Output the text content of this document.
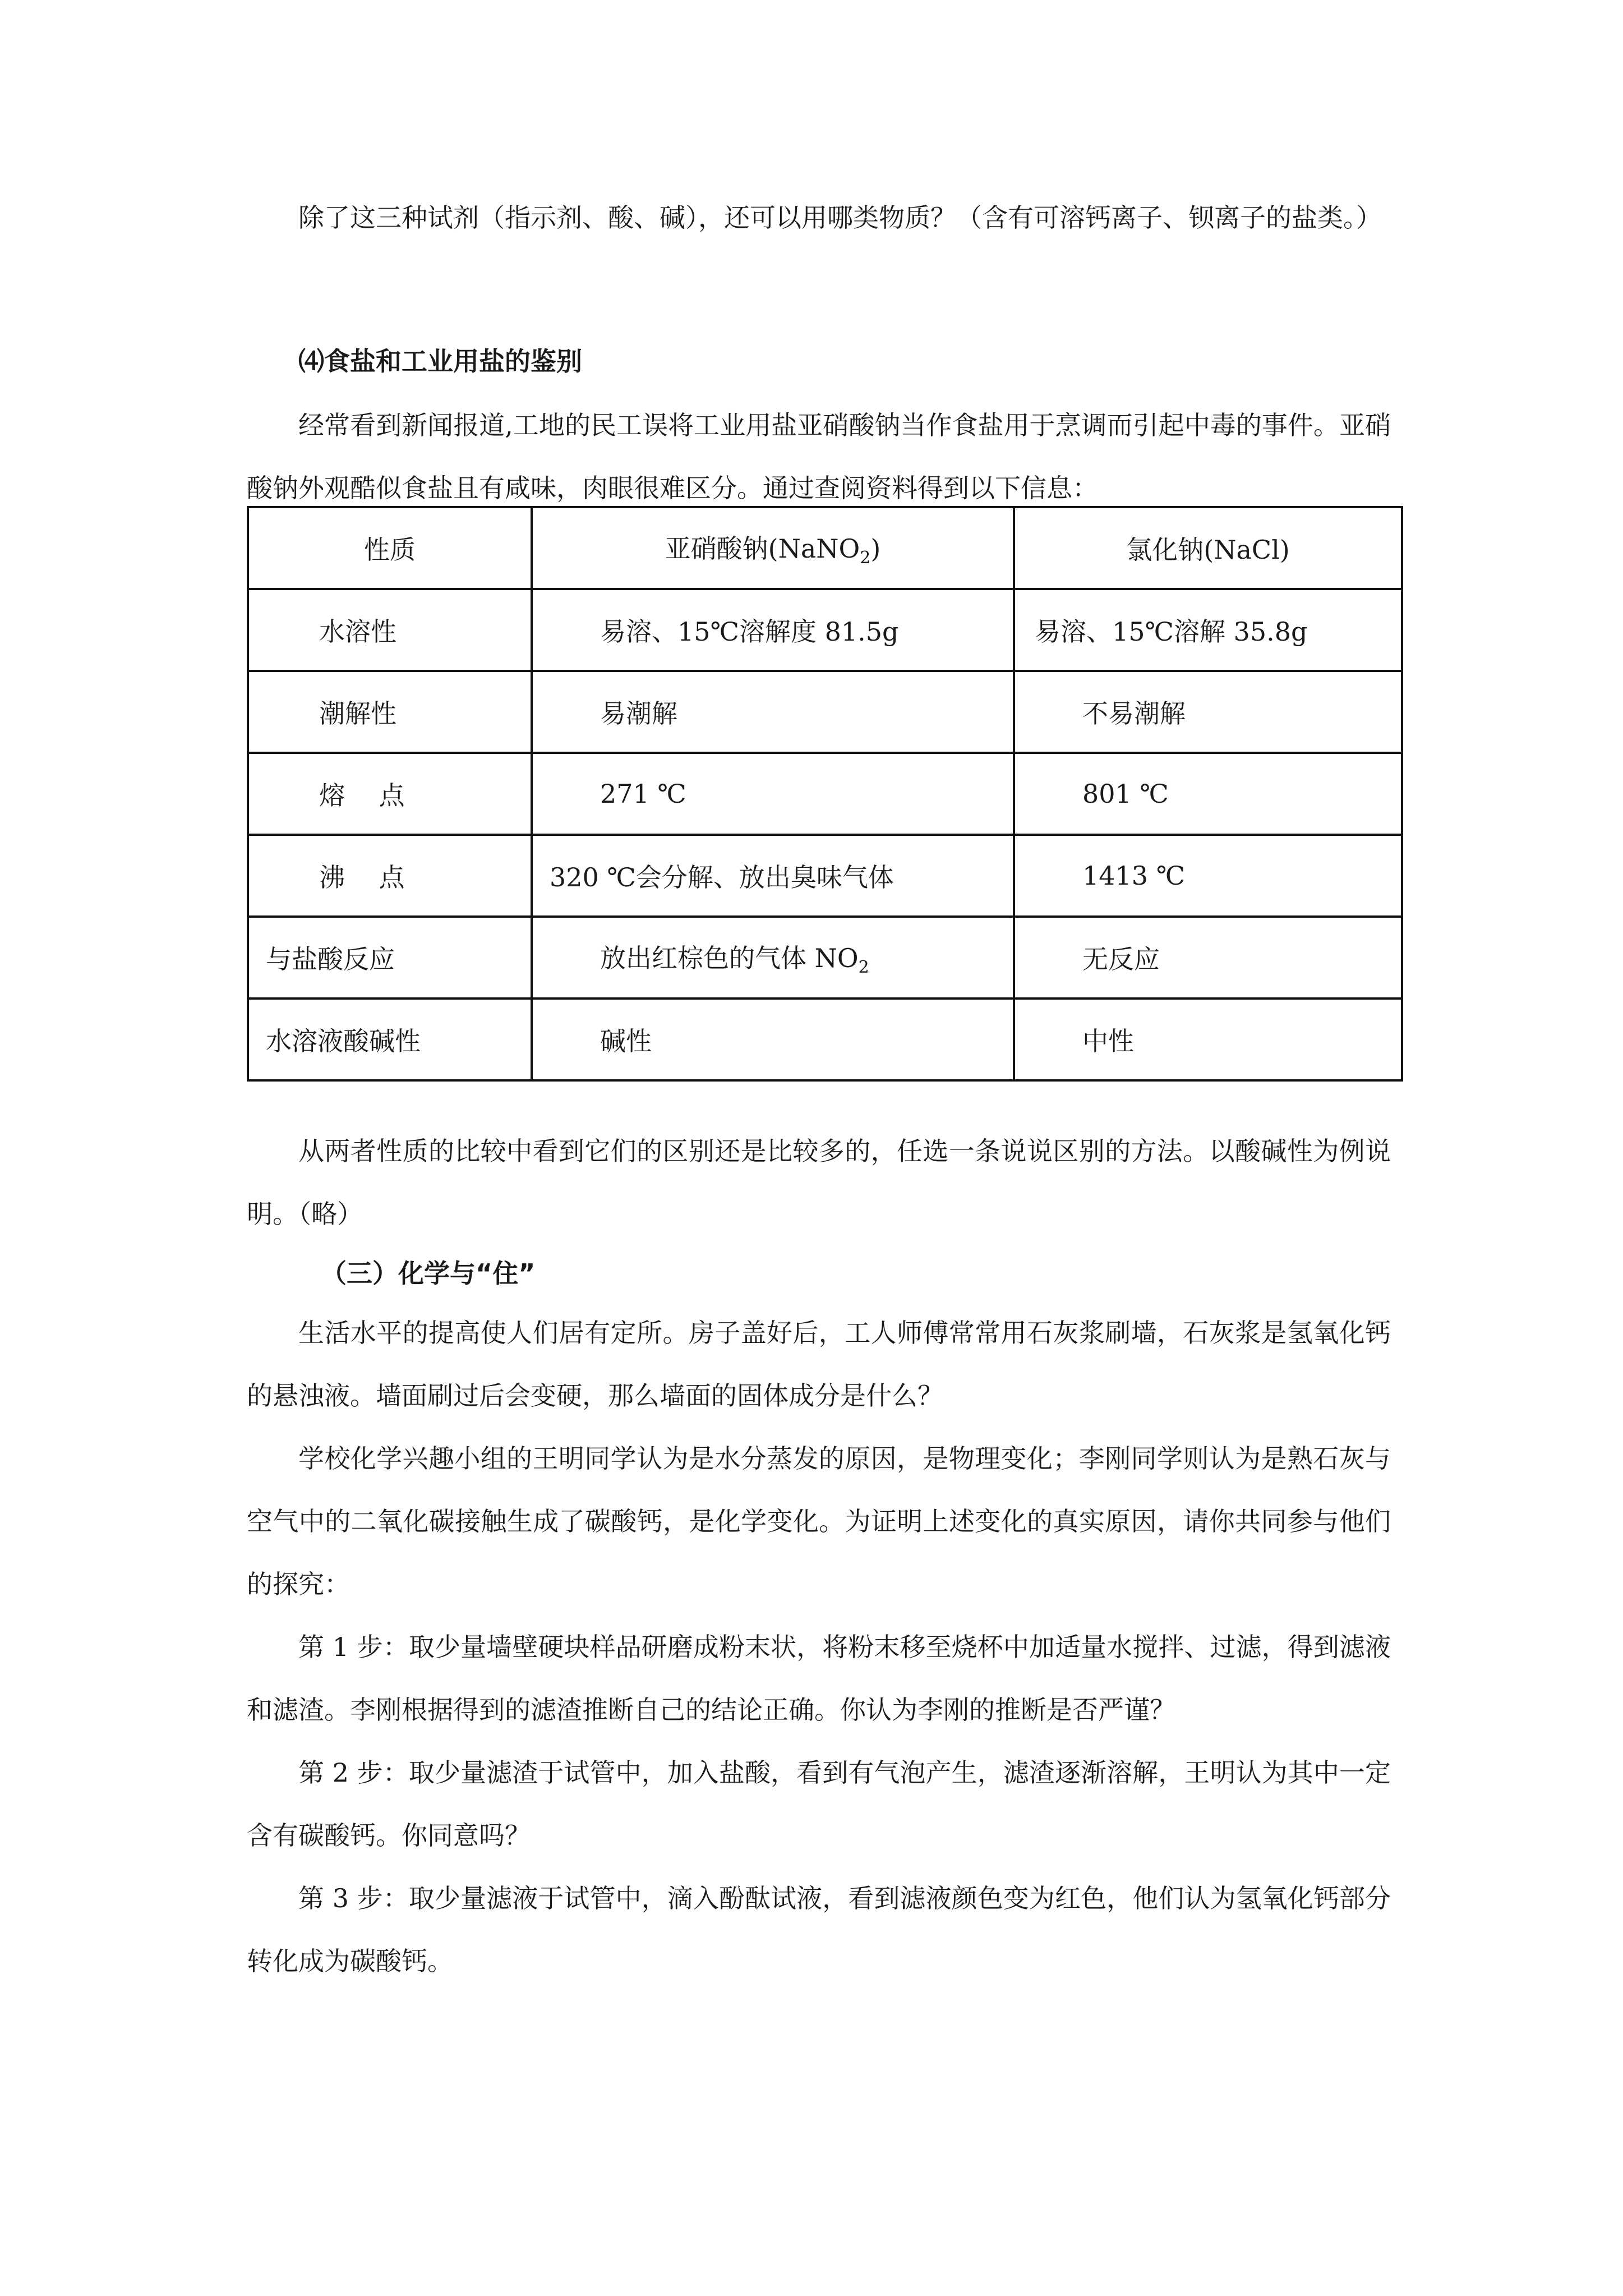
除了这三种试剂（指示剂、酸、碱），还可以用哪类物质？（含有可溶钙离子、钡离子的盐类。）

⑷食盐和工业用盐的鉴别

经常看到新闻报道,工地的民工误将工业用盐亚硝酸钠当作食盐用于烹调而引起中毒的事件。亚硝酸钠外观酷似食盐且有咸味，肉眼很难区分。通过查阅资料得到以下信息：

性质	亚硝酸钠(NaNO$_2$)	氯化钠(NaCl)
水溶性	易溶、15℃溶解度 81.5g	易溶、15℃溶解 35.8g
潮解性	易潮解	不易潮解
熔　 点	271 ℃	801 ℃
沸　 点	320 ℃会分解、放出臭味气体	1413 ℃
与盐酸反应	放出红棕色的气体 $NO_2$	无反应
水溶液酸碱性	碱性	中性

从两者性质的比较中看到它们的区别还是比较多的，任选一条说说区别的方法。以酸碱性为例说明。（略）

（三）化学与“住”

生活水平的提高使人们居有定所。房子盖好后，工人师傅常常用石灰浆刷墙，石灰浆是氢氧化钙的悬浊液。墙面刷过后会变硬，那么墙面的固体成分是什么？

学校化学兴趣小组的王明同学认为是水分蒸发的原因，是物理变化；李刚同学则认为是熟石灰与空气中的二氧化碳接触生成了碳酸钙，是化学变化。为证明上述变化的真实原因，请你共同参与他们的探究：

第 1 步：取少量墙壁硬块样品研磨成粉末状，将粉末移至烧杯中加适量水搅拌、过滤，得到滤液和滤渣。李刚根据得到的滤渣推断自己的结论正确。你认为李刚的推断是否严谨？

第 2 步：取少量滤渣于试管中，加入盐酸，看到有气泡产生，滤渣逐渐溶解，王明认为其中一定含有碳酸钙。你同意吗？

第 3 步：取少量滤液于试管中，滴入酚酞试液，看到滤液颜色变为红色，他们认为氢氧化钙部分转化成为碳酸钙。
